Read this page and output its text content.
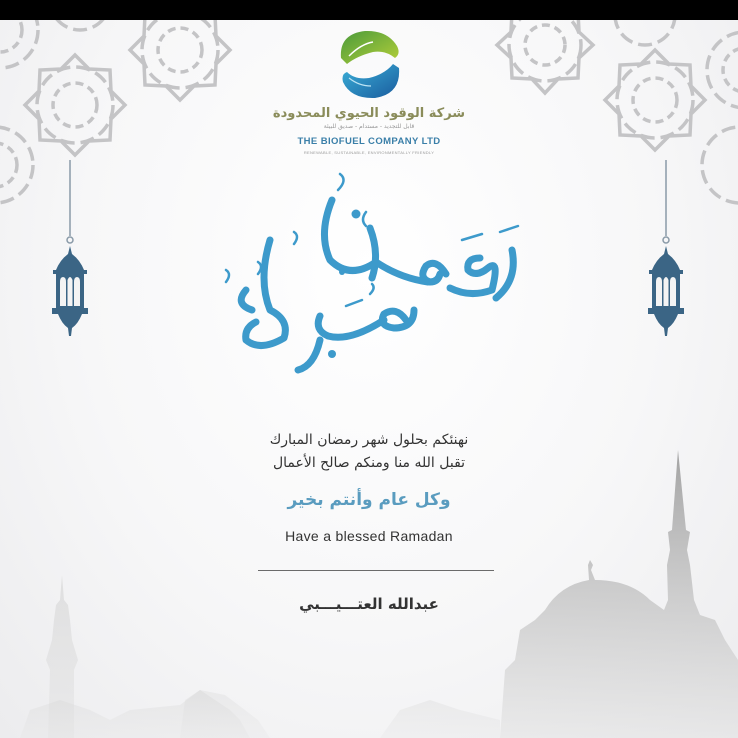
شركة الوقود الحيوي المحدودة
قابل للتجديد - مستدام - صديق للبيئة
THE BIOFUEL COMPANY LTD
RENEWABLE, SUSTAINABLE, ENVIRONMENTALLY FRIENDLY
نهنئكم بحلول شهر رمضان المبارك
تقبل الله منا ومنكم صالح الأعمال
وكل عام وأنتم بخير
Have a blessed Ramadan
عبدالله العتـــيـــبي
